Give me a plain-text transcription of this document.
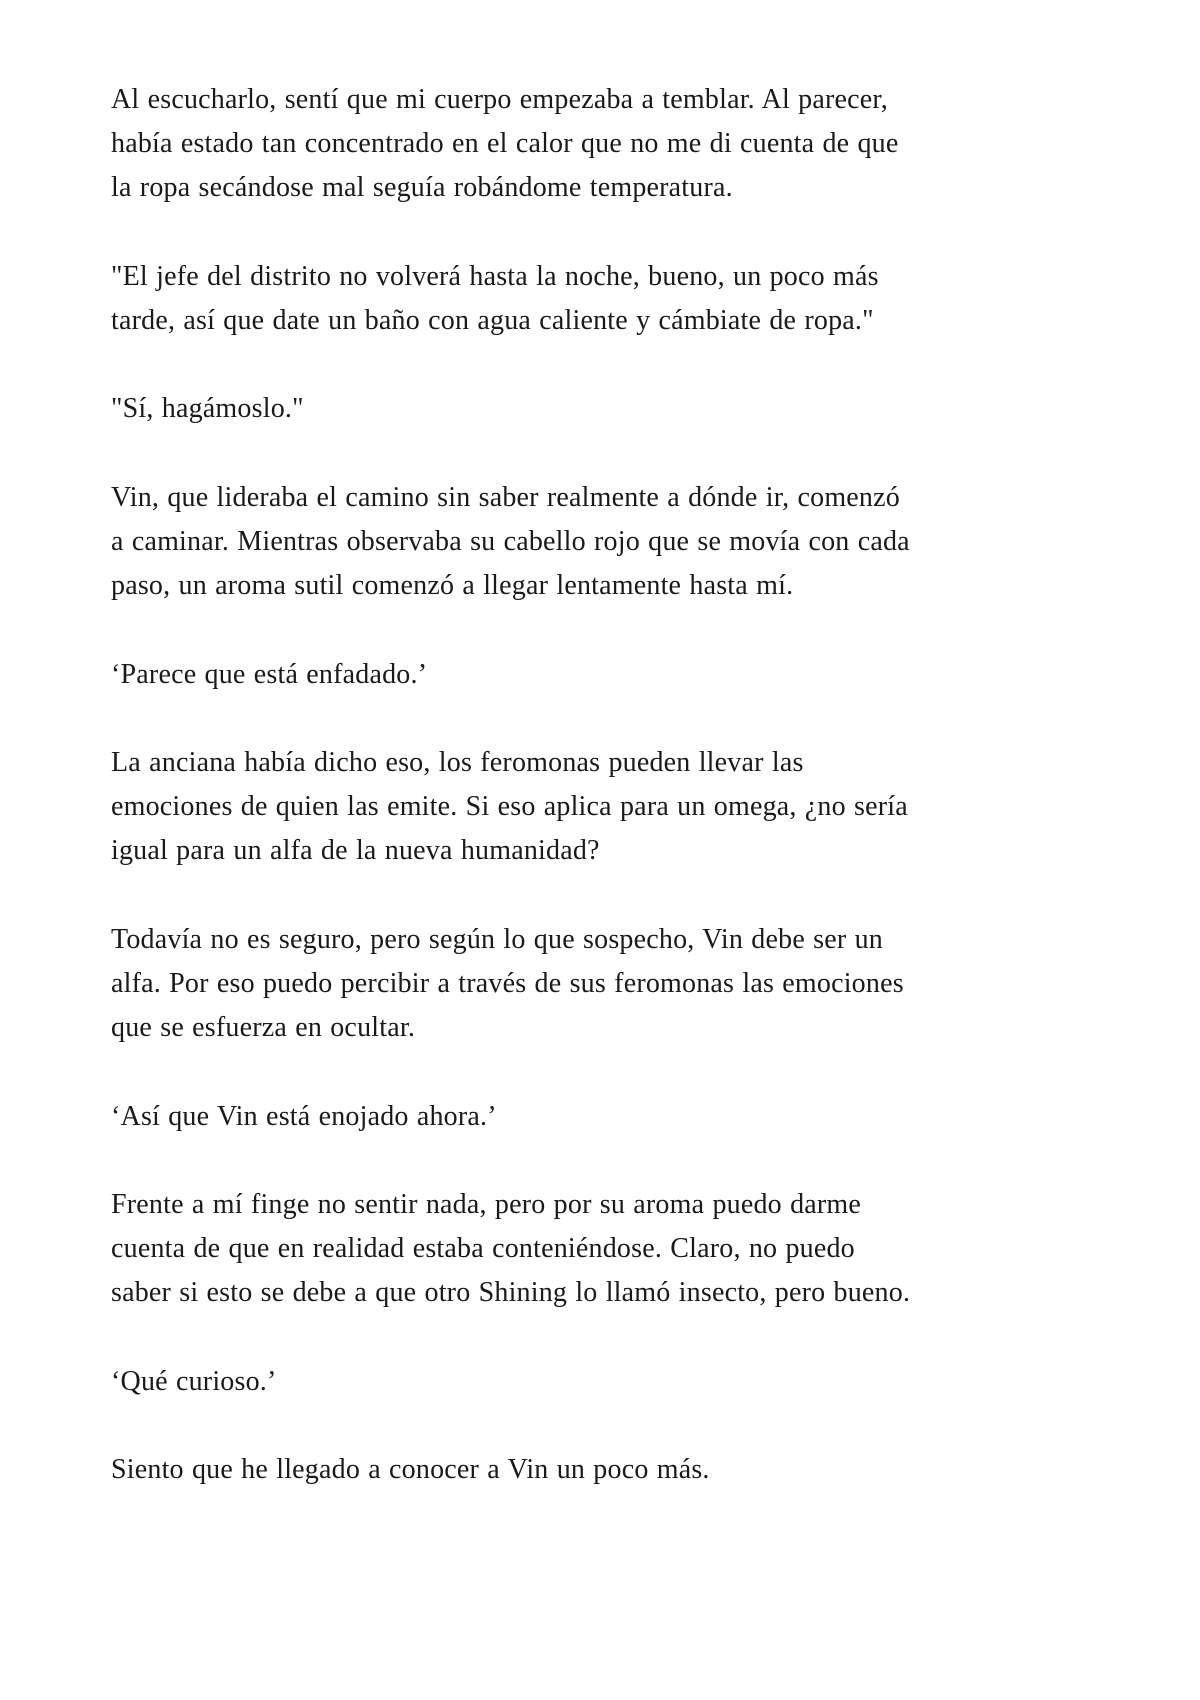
Al escucharlo, sentí que mi cuerpo empezaba a temblar. Al parecer,
había estado tan concentrado en el calor que no me di cuenta de que
la ropa secándose mal seguía robándome temperatura.

"El jefe del distrito no volverá hasta la noche, bueno, un poco más
tarde, así que date un baño con agua caliente y cámbiate de ropa."

"Sí, hagámoslo."

Vin, que lideraba el camino sin saber realmente a dónde ir, comenzó
a caminar. Mientras observaba su cabello rojo que se movía con cada
paso, un aroma sutil comenzó a llegar lentamente hasta mí.

‘Parece que está enfadado.’

La anciana había dicho eso, los feromonas pueden llevar las
emociones de quien las emite. Si eso aplica para un omega, ¿no sería
igual para un alfa de la nueva humanidad?

Todavía no es seguro, pero según lo que sospecho, Vin debe ser un
alfa. Por eso puedo percibir a través de sus feromonas las emociones
que se esfuerza en ocultar.

‘Así que Vin está enojado ahora.’

Frente a mí finge no sentir nada, pero por su aroma puedo darme
cuenta de que en realidad estaba conteniéndose. Claro, no puedo
saber si esto se debe a que otro Shining lo llamó insecto, pero bueno.

‘Qué curioso.’

Siento que he llegado a conocer a Vin un poco más.
